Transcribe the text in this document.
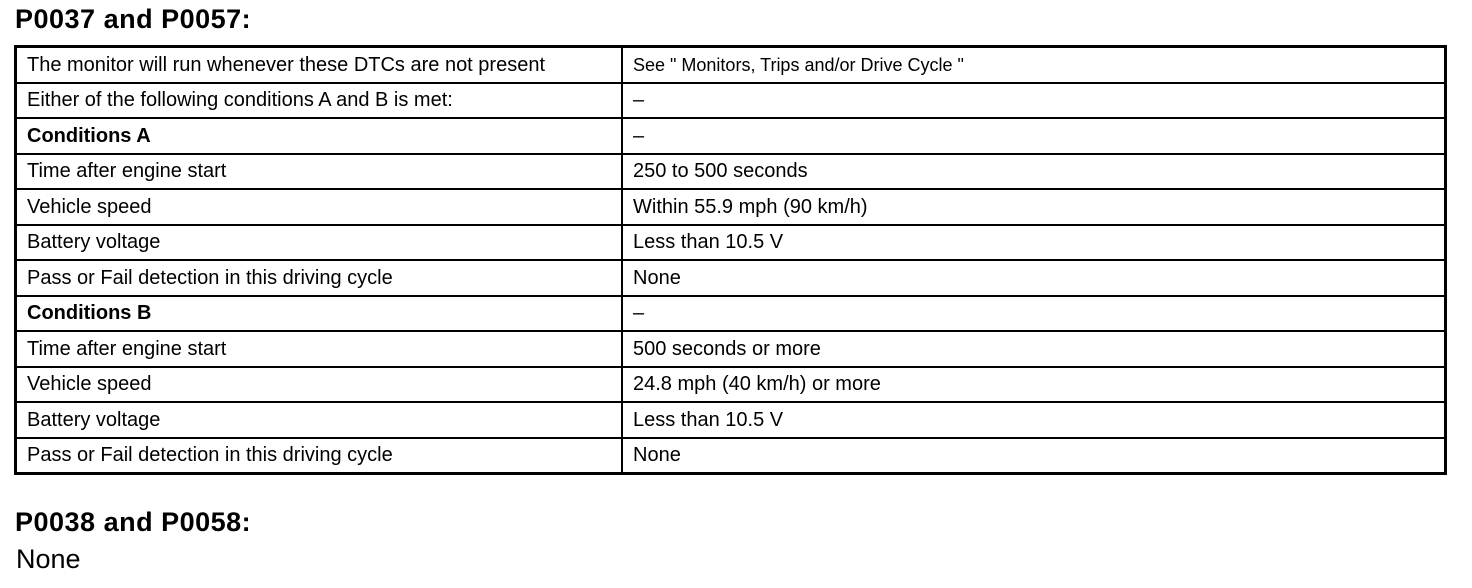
P0037 and P0057:
The monitor will run whenever these DTCs are not present	See " Monitors, Trips and/or Drive Cycle "
Either of the following conditions A and B is met:	–
Conditions A	–
Time after engine start	250 to 500 seconds
Vehicle speed	Within 55.9 mph (90 km/h)
Battery voltage	Less than 10.5 V
Pass or Fail detection in this driving cycle	None
Conditions B	–
Time after engine start	500 seconds or more
Vehicle speed	24.8 mph (40 km/h) or more
Battery voltage	Less than 10.5 V
Pass or Fail detection in this driving cycle	None
P0038 and P0058:

None
